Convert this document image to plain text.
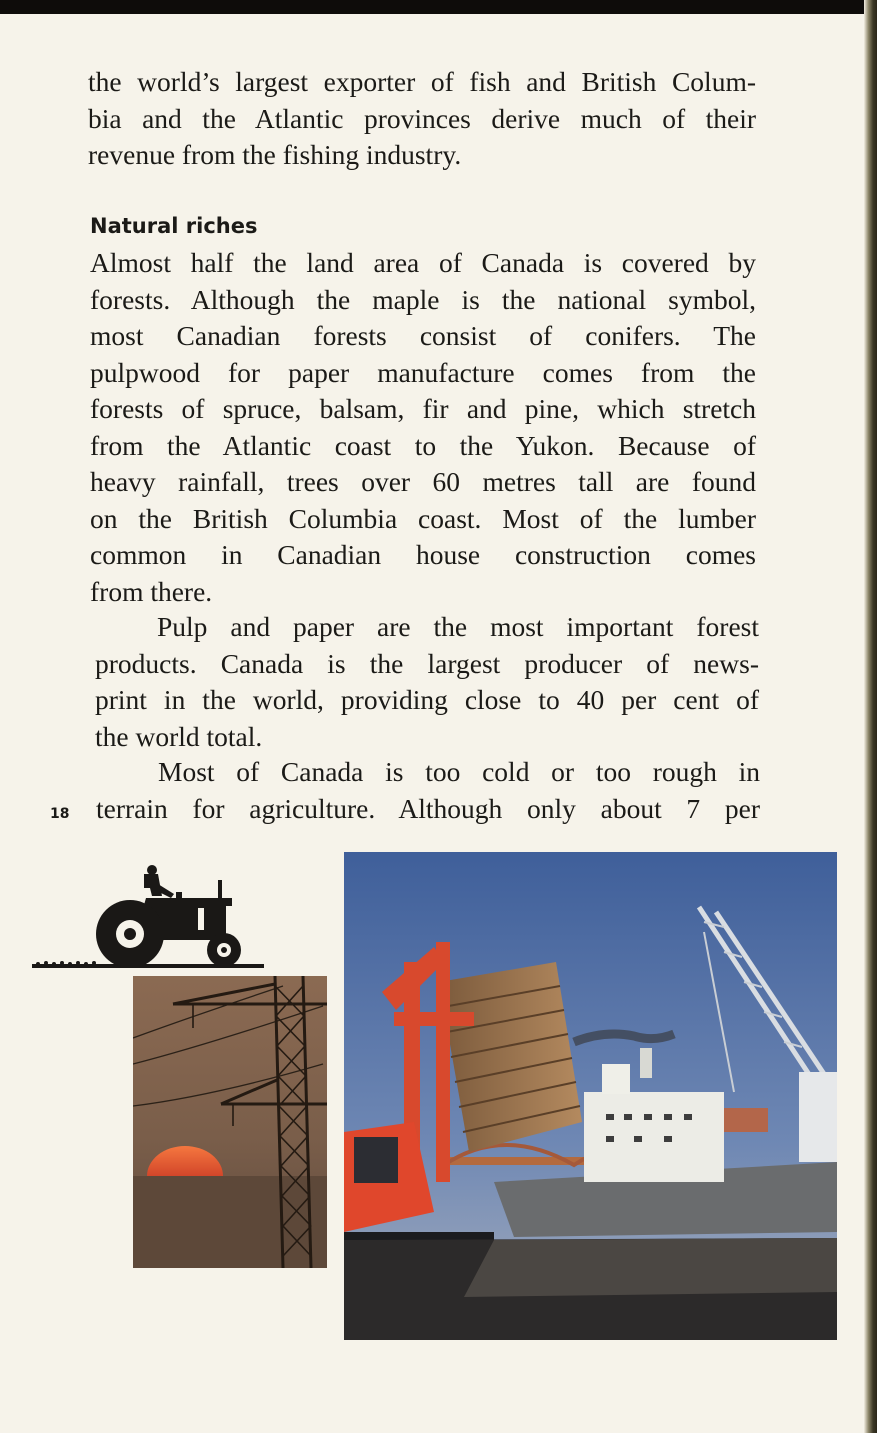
the world’s largest exporter of fish and British Colum-
bia and the Atlantic provinces derive much of their
revenue from the fishing industry.

Natural riches

Almost half the land area of Canada is covered by
forests. Although the maple is the national symbol,
most Canadian forests consist of conifers. The
pulpwood for paper manufacture comes from the
forests of spruce, balsam, fir and pine, which stretch
from the Atlantic coast to the Yukon. Because of
heavy rainfall, trees over 60 metres tall are found
on the British Columbia coast. Most of the lumber
common in Canadian house construction comes
from there.

Pulp and paper are the most important forest
products. Canada is the largest producer of news-
print in the world, providing close to 40 per cent of
the world total.

Most of Canada is too cold or too rough in
terrain for agriculture. Although only about 7 per

18
